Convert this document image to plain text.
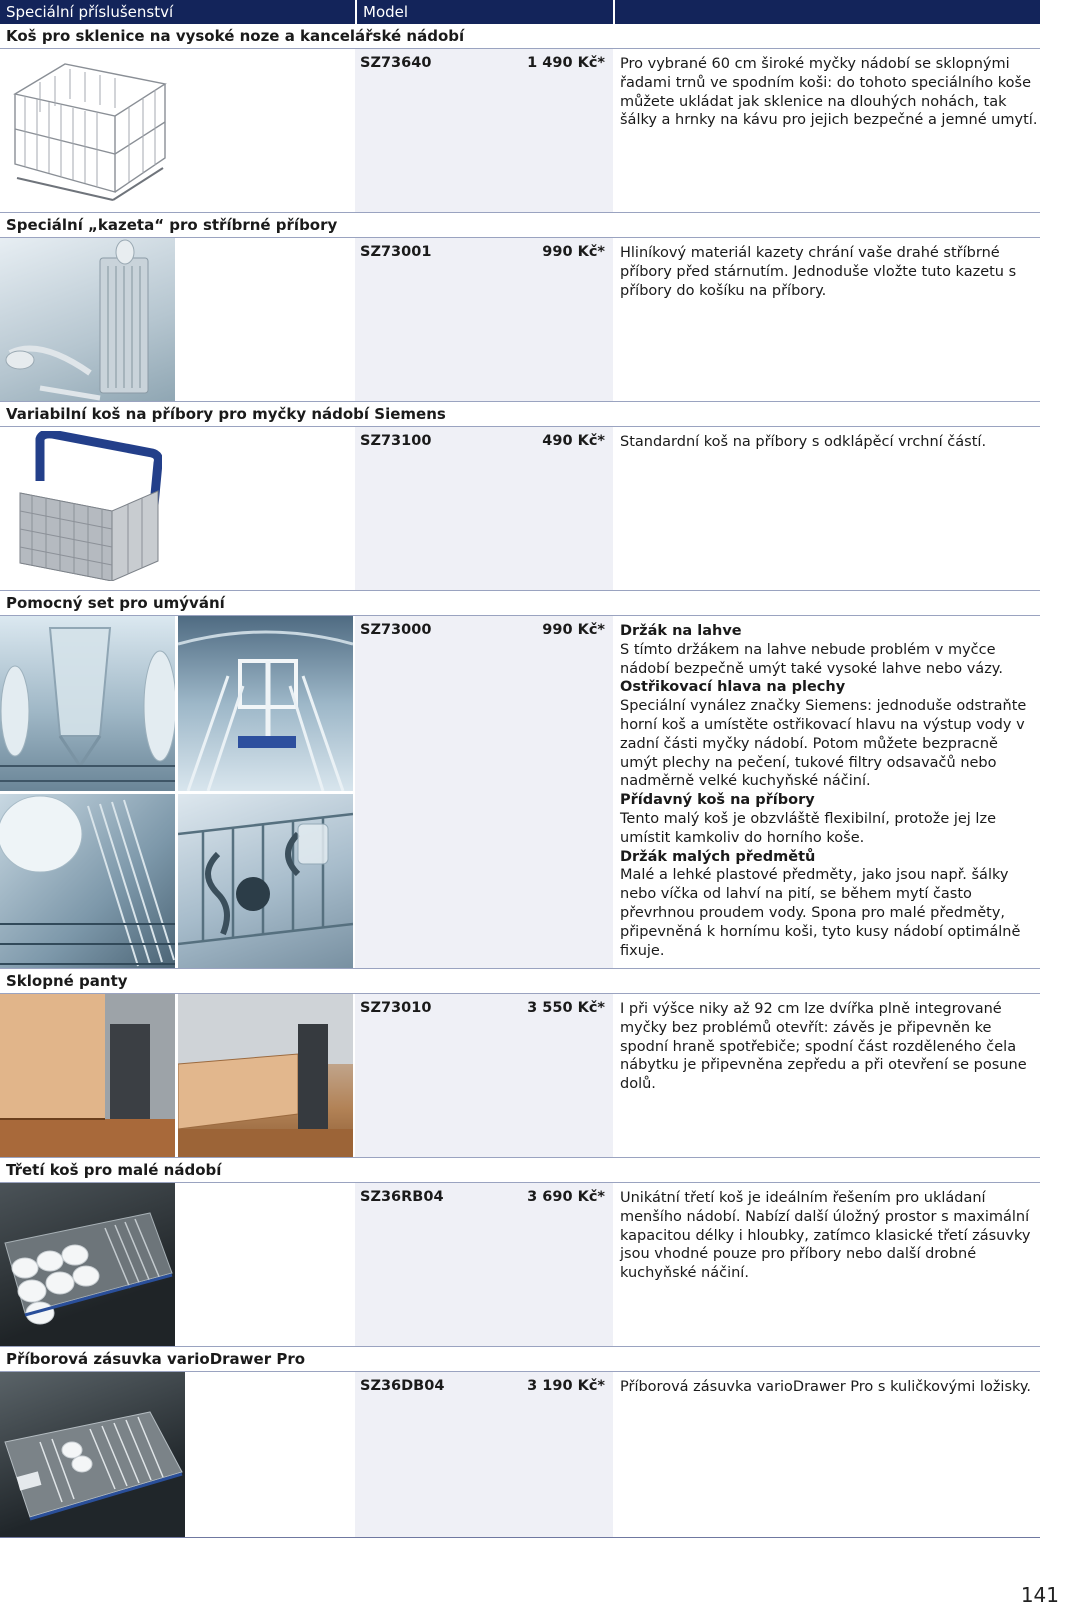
Speciální příslušenství	Model
Koš pro sklenice na vysoké noze a kancelářské nádobí
SZ73640	1 490 Kč* Pro vybrané 60 cm široké myčky nádobí se sklopnými řadami trnů ve spodním koši: do tohoto speciálního koše můžete ukládat jak sklenice na dlouhých nohách, tak šálky a hrnky na kávu pro jejich bezpečné a jemné umytí.
Speciální „kazeta“ pro stříbrné příbory
SZ73001	990 Kč* Hliníkový materiál kazety chrání vaše drahé stříbrné příbory před stárnutím. Jednoduše vložte tuto kazetu s příbory do košíku na příbory.
Variabilní koš na příbory pro myčky nádobí Siemens
SZ73100	490 Kč* Standardní koš na příbory s odklápěcí vrchní částí.
Pomocný set pro umývání
SZ73000	990 Kč* Držák na lahve
S tímto držákem na lahve nebude problém v myčce nádobí bezpečně umýt také vysoké lahve nebo vázy.
Ostřikovací hlava na plechy
Speciální vynález značky Siemens: jednoduše odstraňte horní koš a umístěte ostřikovací hlavu na výstup vody v zadní části myčky nádobí. Potom můžete bezpracně umýt plechy na pečení, tukové filtry odsavačů nebo nadměrně velké kuchyňské náčiní.
Přídavný koš na příbory
Tento malý koš je obzvláště flexibilní, protože jej lze umístit kamkoliv do horního koše.
Držák malých předmětů
Malé a lehké plastové předměty, jako jsou např. šálky nebo víčka od lahví na pití, se během mytí často převrhnou proudem vody. Spona pro malé předměty, připevněná k hornímu koši, tyto kusy nádobí optimálně fixuje.
Sklopné panty
SZ73010	3 550 Kč* I při výšce niky až 92 cm lze dvířka plně integrované myčky bez problémů otevřít: závěs je připevněn ke spodní hraně spotřebiče; spodní část rozděleného čela nábytku je připevněna zepředu a při otevření se posune dolů.
Třetí koš pro malé nádobí
SZ36RB04	3 690 Kč* Unikátní třetí koš je ideálním řešením pro ukládaní menšího nádobí. Nabízí další úložný prostor s maximální kapacitou délky i hloubky, zatímco klasické třetí zásuvky jsou vhodné pouze pro příbory nebo další drobné kuchyňské náčiní.
Příborová zásuvka varioDrawer Pro
SZ36DB04	3 190 Kč* Příborová zásuvka varioDrawer Pro s kuličkovými ložisky.
141
